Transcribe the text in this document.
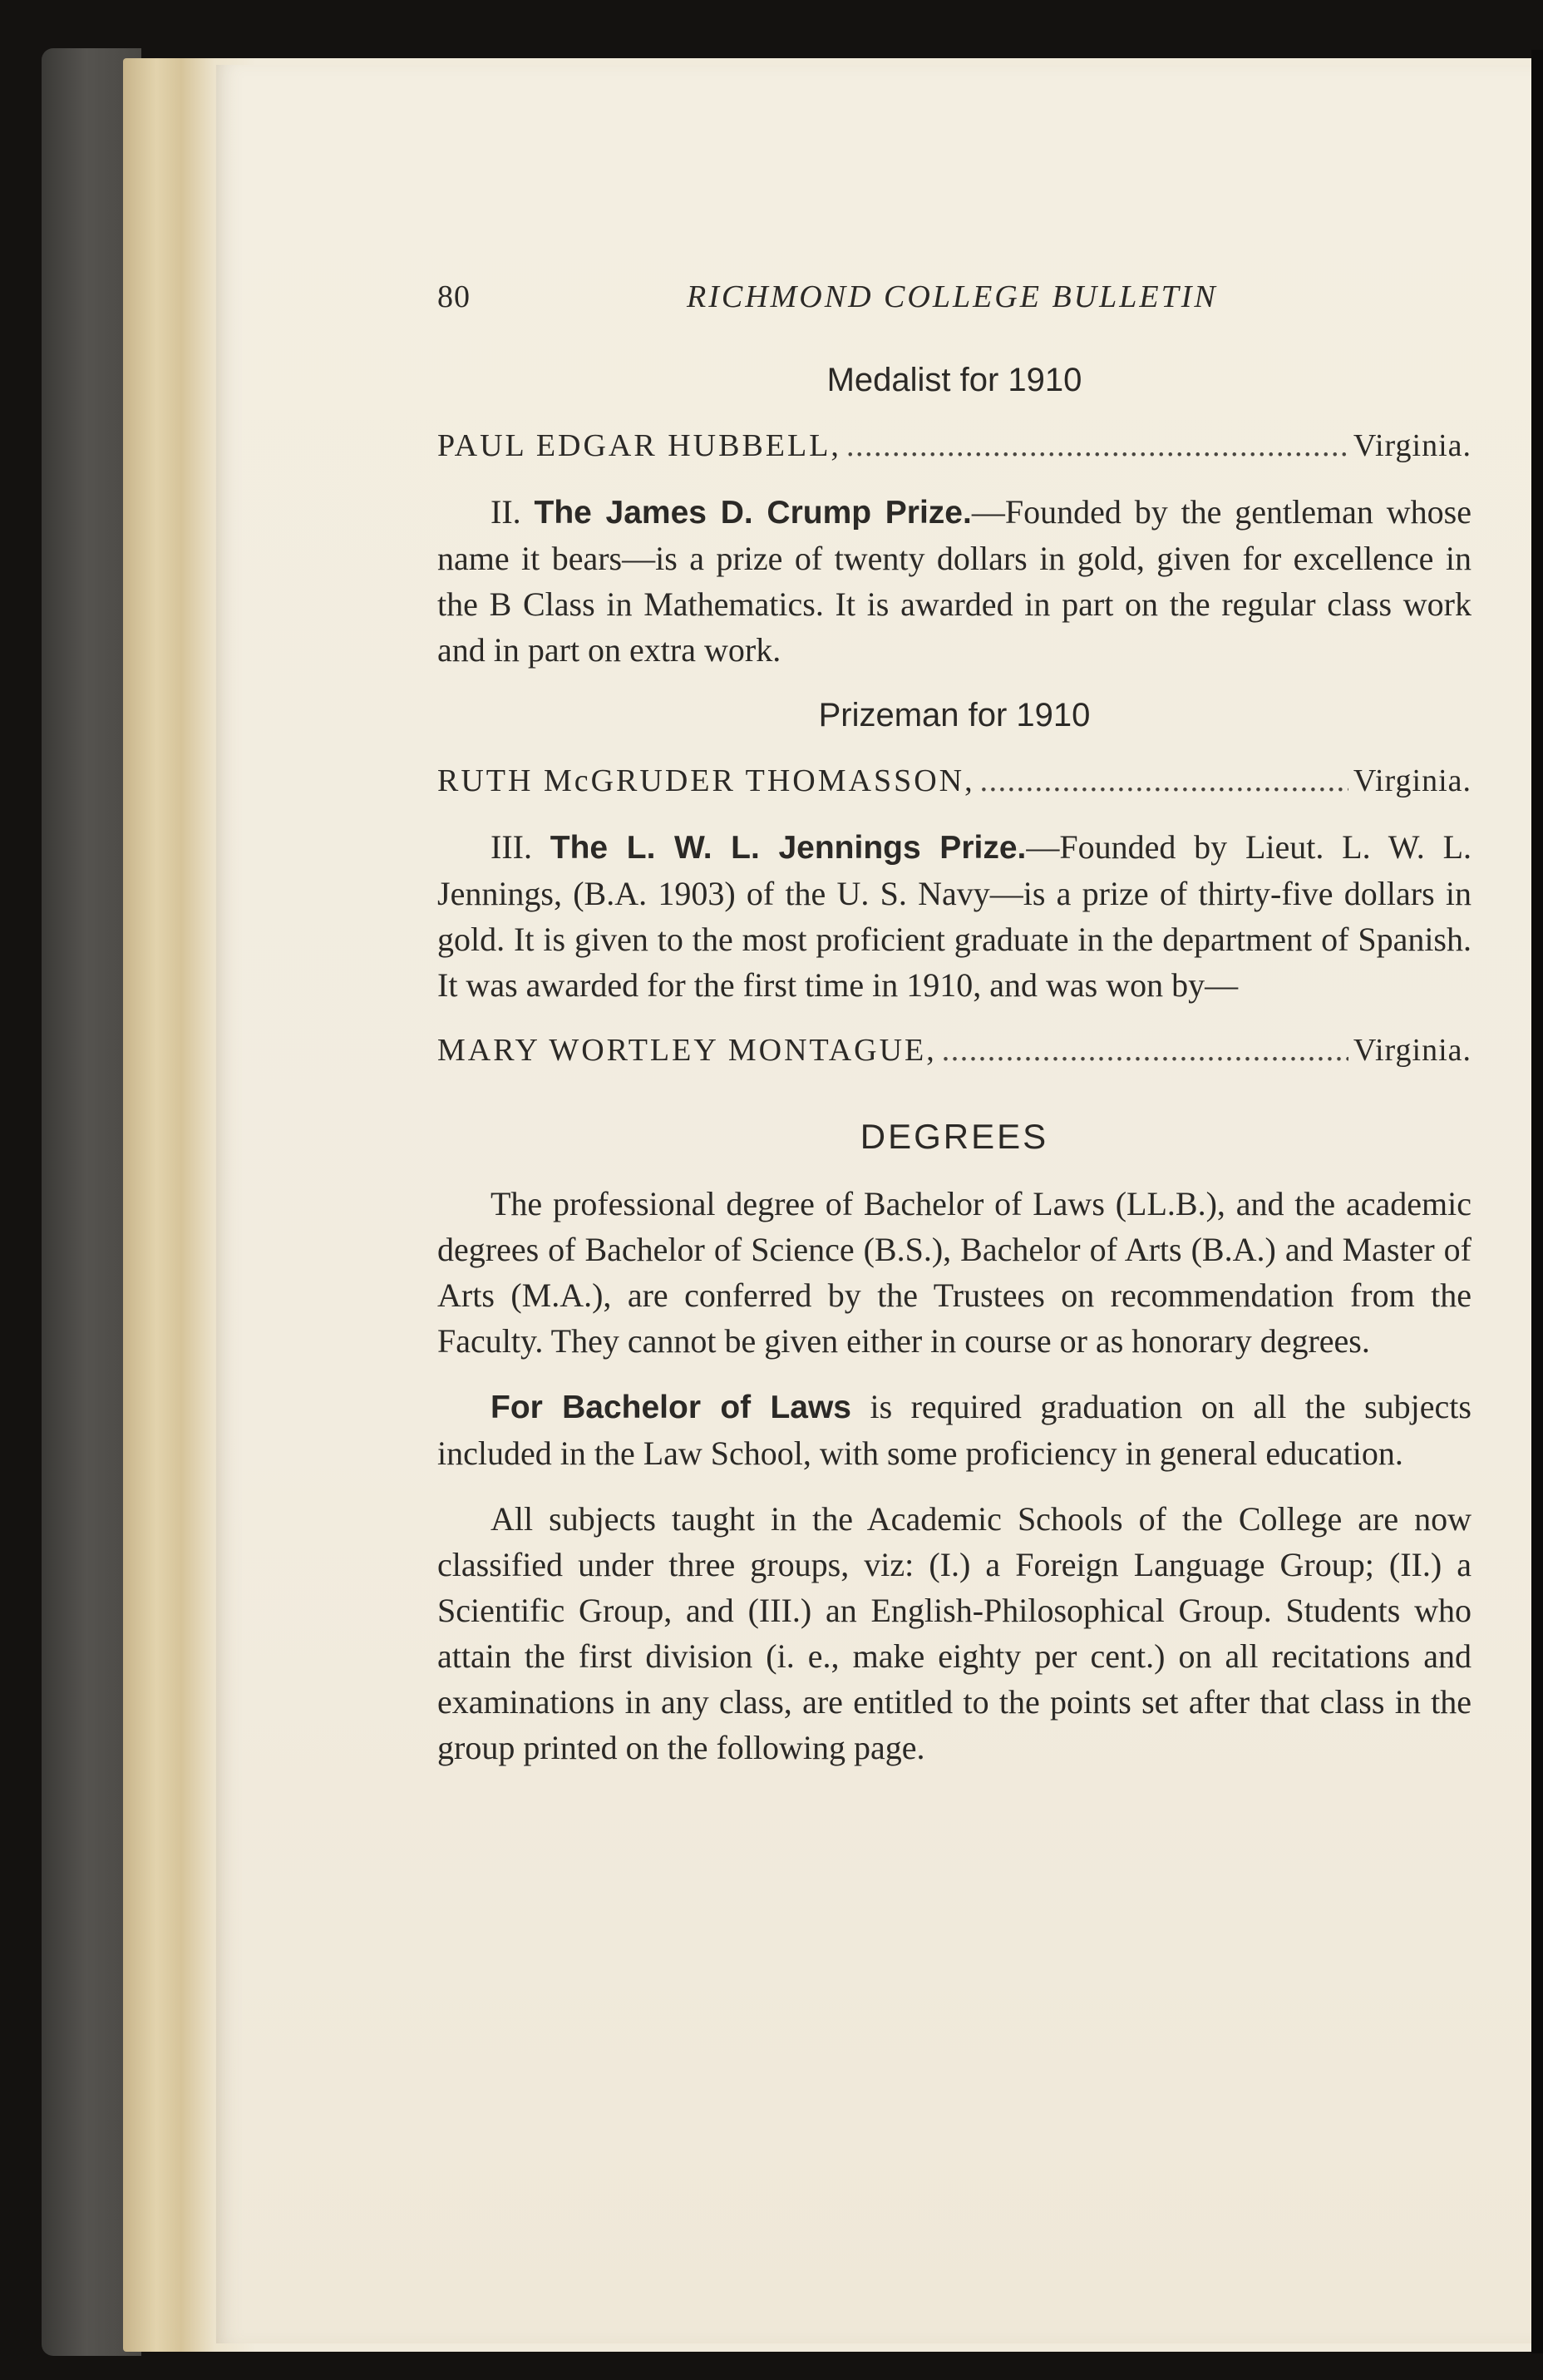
80	RICHMOND COLLEGE BULLETIN
Medalist for 1910
PAUL EDGAR HUBBELL, . . .	Virginia.

II. The James D. Crump Prize.—Founded by the gentleman whose name it bears—is a prize of twenty dollars in gold, given for excellence in the B Class in Mathematics. It is awarded in part on the regular class work and in part on extra work.

Prizeman for 1910
RUTH McGRUDER THOMASSON, . . .	Virginia.

III. The L. W. L. Jennings Prize.—Founded by Lieut. L. W. L. Jennings, (B.A. 1903) of the U. S. Navy—is a prize of thirty-five dollars in gold. It is given to the most proficient graduate in the department of Spanish. It was awarded for the first time in 1910, and was won by—

MARY WORTLEY MONTAGUE, . . .	Virginia.
DEGREES

The professional degree of Bachelor of Laws (LL.B.), and the academic degrees of Bachelor of Science (B.S.), Bachelor of Arts (B.A.) and Master of Arts (M.A.), are conferred by the Trustees on recommendation from the Faculty. They cannot be given either in course or as honorary degrees.

For Bachelor of Laws is required graduation on all the subjects included in the Law School, with some proficiency in general education.

All subjects taught in the Academic Schools of the College are now classified under three groups, viz: (I.) a Foreign Language Group; (II.) a Scientific Group, and (III.) an English-Philosophical Group. Students who attain the first division (i. e., make eighty per cent.) on all recitations and examinations in any class, are entitled to the points set after that class in the group printed on the following page.
